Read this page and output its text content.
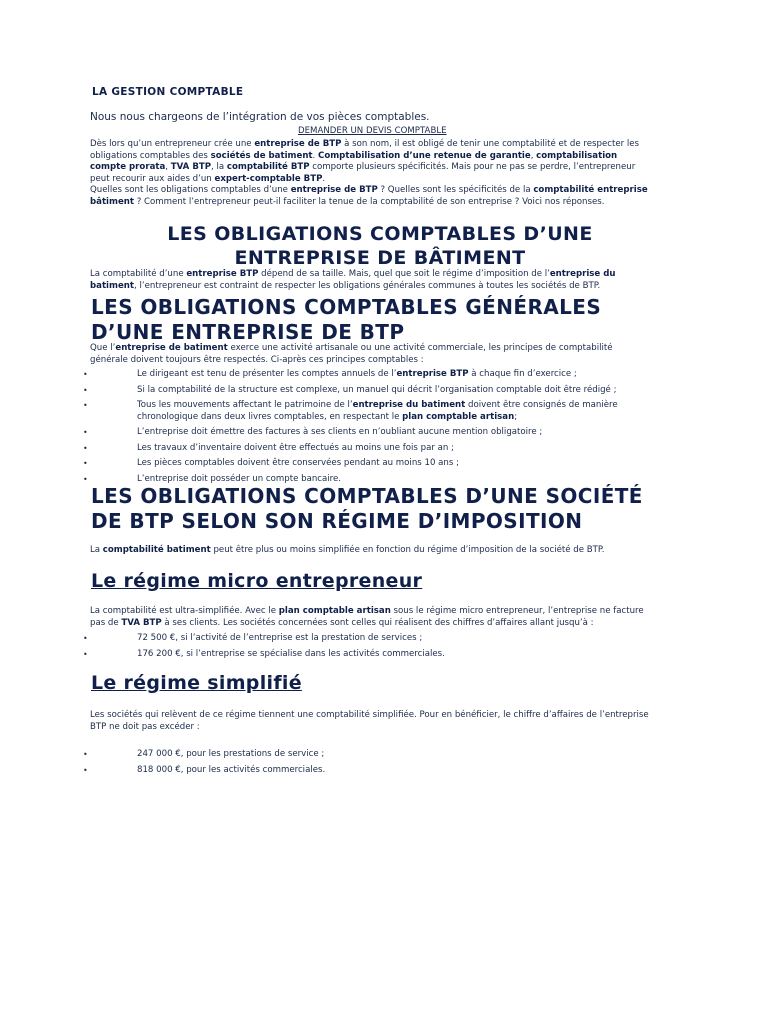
LA GESTION COMPTABLE
Nous nous chargeons de l’intégration de vos pièces comptables.
DEMANDER UN DEVIS COMPTABLE
Dès lors qu’un entrepreneur crée une entreprise de BTP à son nom, il est obligé de tenir une comptabilité et de respecter les obligations comptables des sociétés de batiment. Comptabilisation d’une retenue de garantie, comptabilisation compte prorata, TVA BTP, la comptabilité BTP comporte plusieurs spécificités. Mais pour ne pas se perdre, l’entrepreneur peut recourir aux aides d’un expert-comptable BTP.
Quelles sont les obligations comptables d’une entreprise de BTP ? Quelles sont les spécificités de la comptabilité entreprise bâtiment ? Comment l’entrepreneur peut-il faciliter la tenue de la comptabilité de son entreprise ? Voici nos réponses.
LES OBLIGATIONS COMPTABLES D’UNE ENTREPRISE DE BÂTIMENT
La comptabilité d’une entreprise BTP dépend de sa taille. Mais, quel que soit le régime d’imposition de l’entreprise du batiment, l’entrepreneur est contraint de respecter les obligations générales communes à toutes les sociétés de BTP.
LES OBLIGATIONS COMPTABLES GÉNÉRALES D’UNE ENTREPRISE DE BTP
Que l’entreprise de batiment exerce une activité artisanale ou une activité commerciale, les principes de comptabilité générale doivent toujours être respectés. Ci-après ces principes comptables :
•	Le dirigeant est tenu de présenter les comptes annuels de l’entreprise BTP à chaque fin d’exercice ;
•	Si la comptabilité de la structure est complexe, un manuel qui décrit l’organisation comptable doit être rédigé ;
•	Tous les mouvements affectant le patrimoine de l’entreprise du batiment doivent être consignés de manière chronologique dans deux livres comptables, en respectant le plan comptable artisan;
•	L’entreprise doit émettre des factures à ses clients en n’oubliant aucune mention obligatoire ;
•	Les travaux d’inventaire doivent être effectués au moins une fois par an ;
•	Les pièces comptables doivent être conservées pendant au moins 10 ans ;
•	L’entreprise doit posséder un compte bancaire.
LES OBLIGATIONS COMPTABLES D’UNE SOCIÉTÉ DE BTP SELON SON RÉGIME D’IMPOSITION
La comptabilité batiment peut être plus ou moins simplifiée en fonction du régime d’imposition de la société de BTP.
Le régime micro entrepreneur
La comptabilité est ultra-simplifiée. Avec le plan comptable artisan sous le régime micro entrepreneur, l’entreprise ne facture pas de TVA BTP à ses clients. Les sociétés concernées sont celles qui réalisent des chiffres d’affaires allant jusqu’à :
•	72 500 €, si l’activité de l’entreprise est la prestation de services ;
•	176 200 €, si l’entreprise se spécialise dans les activités commerciales.
Le régime simplifié
Les sociétés qui relèvent de ce régime tiennent une comptabilité simplifiée. Pour en bénéficier, le chiffre d’affaires de l’entreprise BTP ne doit pas excéder :
•	247 000 €, pour les prestations de service ;
•	818 000 €, pour les activités commerciales.
